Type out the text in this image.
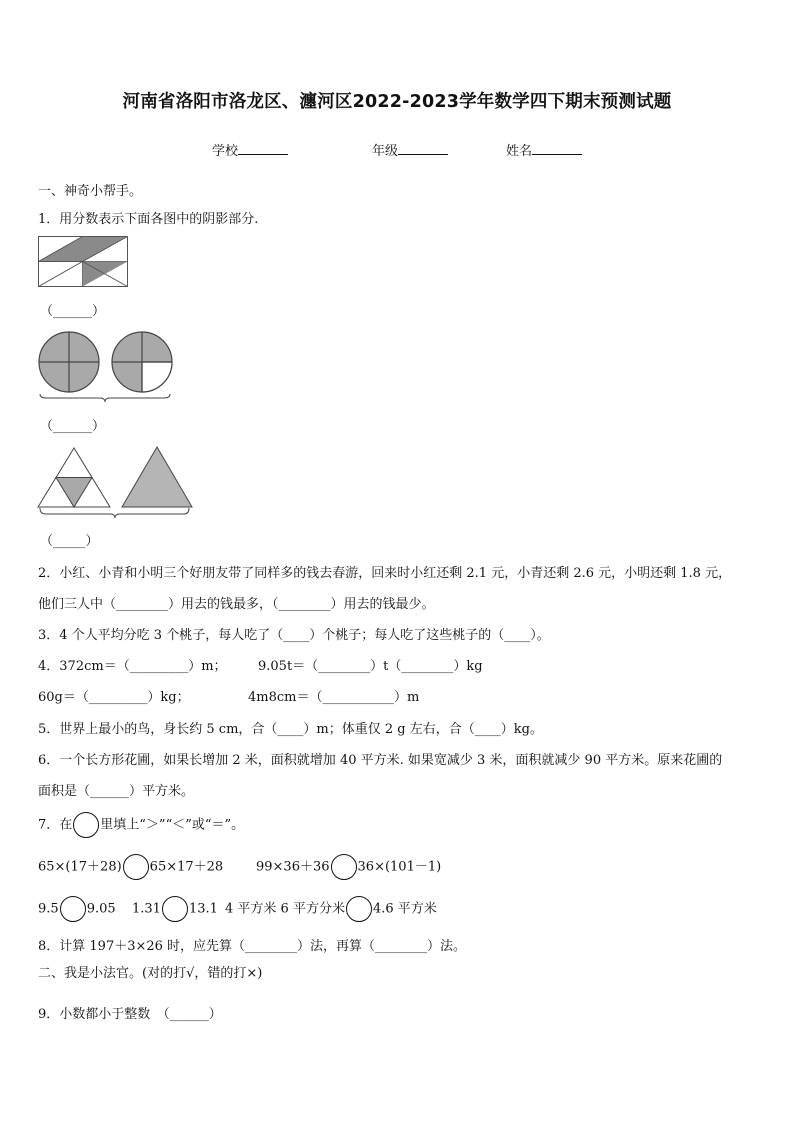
河南省洛阳市洛龙区、瀍河区2022-2023学年数学四下期末预测试题
学校	年级	姓名
一、神奇小帮手。
1．用分数表示下面各图中的阴影部分.
（______）
（______）
（_____）
2．小红、小青和小明三个好朋友带了同样多的钱去春游，回来时小红还剩 2.1 元，小青还剩 2.6 元，小明还剩 1.8 元，
他们三人中（________）用去的钱最多，（________）用去的钱最少。
3．4 个人平均分吃 3 个桃子，每人吃了（____）个桃子；每人吃了这些桃子的（____）。
4．372cm＝（_________）m； 9.05t＝（________）t（________）kg
60g＝（_________）kg；	4m8cm＝（___________）m
5．世界上最小的鸟，身长约 5 cm，合（____）m；体重仅 2 g 左右，合（____）kg。
6．一个长方形花圃，如果长增加 2 米，面积就增加 40 平方米. 如果宽减少 3 米，面积就减少 90 平方米。原来花圃的
面积是（______）平方米。
7．在 里填上“＞”“＜”或“＝”。
65×(17＋28) 65×17＋28	99×36＋36 36×(101－1)
9.5 9.05 1.31 13.1 4 平方米 6 平方分米 4.6 平方米
8．计算 197＋3×26 时，应先算（________）法，再算（________）法。
二、我是小法官。(对的打√，错的打×)
9．小数都小于整数　（______）
